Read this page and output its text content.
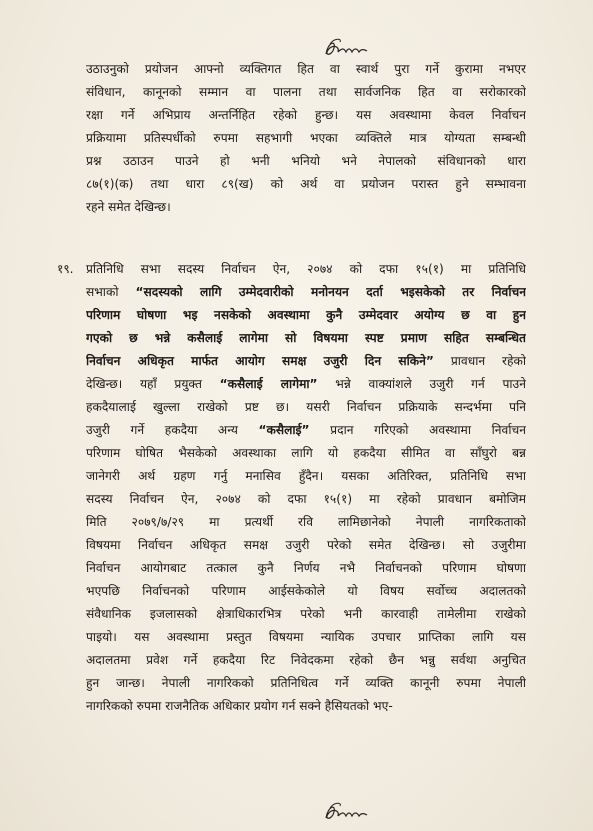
उठाउनुको प्रयोजन आफ्नो व्यक्तिगत हित वा स्वार्थ पुरा गर्ने कुरामा नभएर
संविधान, कानूनको सम्मान वा पालना तथा सार्वजनिक हित वा सरोकारको
रक्षा गर्ने अभिप्राय अन्तर्निहित रहेको हुन्छ। यस अवस्थामा केवल निर्वाचन
प्रक्रियामा प्रतिस्पर्धीको रुपमा सहभागी भएका व्यक्तिले मात्र योग्यता सम्बन्धी
प्रश्न उठाउन पाउने हो भनी भनियो भने नेपालको संविधानको धारा
८७(१)(क) तथा धारा ८९(ख) को अर्थ वा प्रयोजन परास्त हुने सम्भावना
रहने समेत देखिन्छ।
१९. प्रतिनिधि सभा सदस्य निर्वाचन ऐन, २०७४ को दफा १५(१) मा प्रतिनिधि
सभाको “सदस्यको लागि उम्मेदवारीको मनोनयन दर्ता भइसकेको तर निर्वाचन
परिणाम घोषणा भइ नसकेको अवस्थामा कुनै उम्मेदवार अयोग्य छ वा हुन
गएको छ भन्ने कसैलाई लागेमा सो विषयमा स्पष्ट प्रमाण सहित सम्बन्धित
निर्वाचन अधिकृत मार्फत आयोग समक्ष उजुरी दिन सकिने” प्रावधान रहेको
देखिन्छ। यहाँ प्रयुक्त “कसैलाई लागेमा” भन्ने वाक्यांशले उजुरी गर्न पाउने
हकदैयालाई खुल्ला राखेको प्रष्ट छ। यसरी निर्वाचन प्रक्रियाके सन्दर्भमा पनि
उजुरी गर्ने हकदैया अन्य “कसैलाई” प्रदान गरिएको अवस्थामा निर्वाचन
परिणाम घोषित भैसकेको अवस्थाका लागि यो हकदैया सीमित वा साँघुरो बन्न
जानेगरी अर्थ ग्रहण गर्नु मनासिव हुँदैन। यसका अतिरिक्त, प्रतिनिधि सभा
सदस्य निर्वाचन ऐन, २०७४ को दफा १५(१) मा रहेको प्रावधान बमोजिम
मिति २०७९/७/२९ मा प्रत्यर्थी रवि लामिछानेको नेपाली नागरिकताको
विषयमा निर्वाचन अधिकृत समक्ष उजुरी परेको समेत देखिन्छ। सो उजुरीमा
निर्वाचन आयोगबाट तत्काल कुनै निर्णय नभै निर्वाचनको परिणाम घोषणा
भएपछि निर्वाचनको परिणाम आईसकेकोले यो विषय सर्वोच्च अदालतको
संवैधानिक इजलासको क्षेत्राधिकारभित्र परेको भनी कारवाही तामेलीमा राखेको
पाइयो। यस अवस्थामा प्रस्तुत विषयमा न्यायिक उपचार प्राप्तिका लागि यस
अदालतमा प्रवेश गर्ने हकदैया रिट निवेदकमा रहेको छैन भन्नु सर्वथा अनुचित
हुन जान्छ। नेपाली नागरिकको प्रतिनिधित्व गर्ने व्यक्ति कानूनी रुपमा नेपाली
नागरिकको रुपमा राजनैतिक अधिकार प्रयोग गर्न सक्ने हैसियतको भए-
